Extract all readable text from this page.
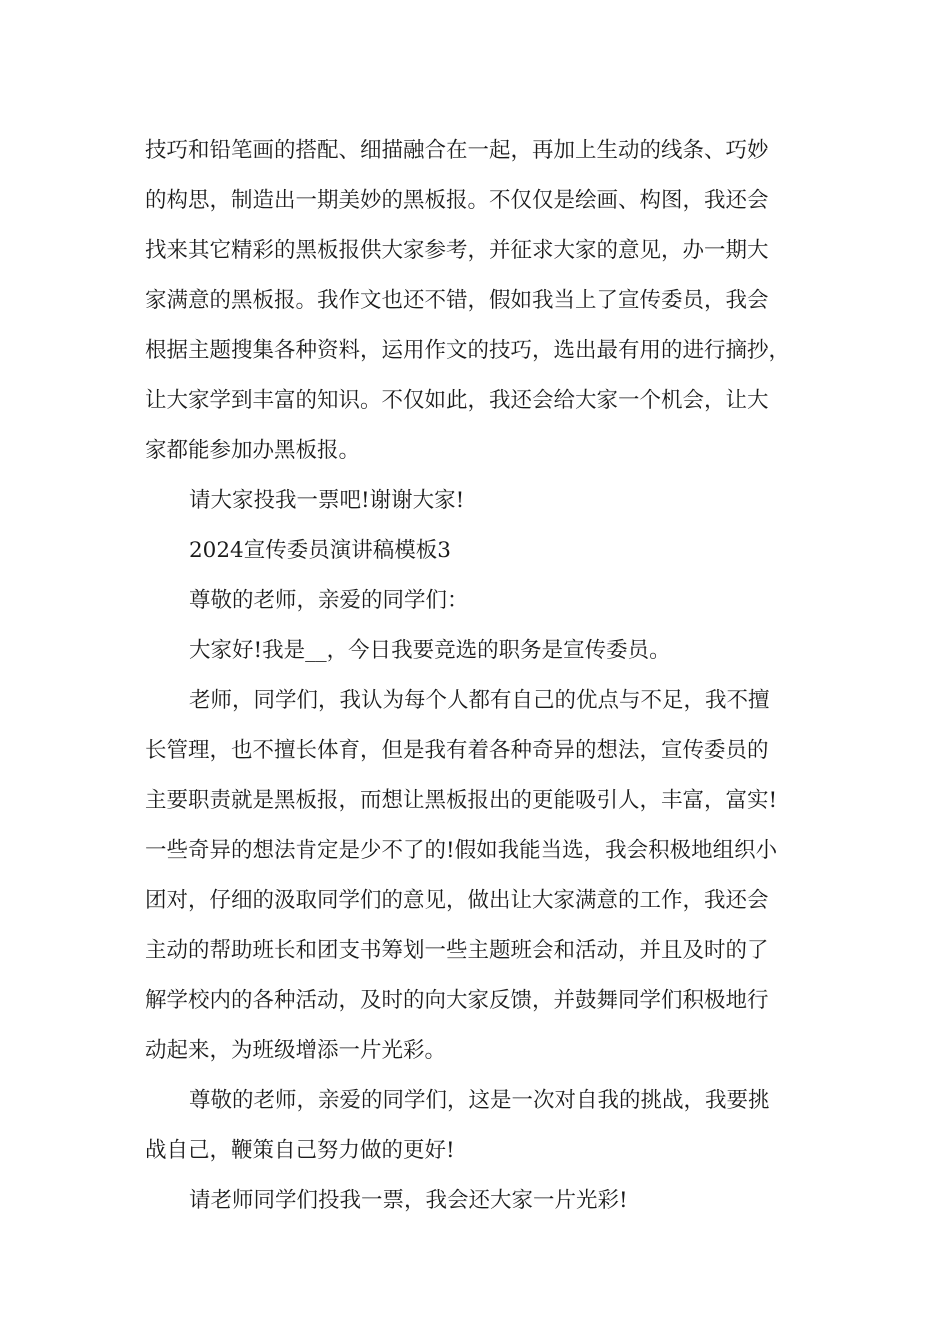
技巧和铅笔画的搭配、细描融合在一起，再加上生动的线条、巧妙
的构思，制造出一期美妙的黑板报。不仅仅是绘画、构图，我还会
找来其它精彩的黑板报供大家参考，并征求大家的意见，办一期大
家满意的黑板报。我作文也还不错，假如我当上了宣传委员，我会
根据主题搜集各种资料，运用作文的技巧，选出最有用的进行摘抄，
让大家学到丰富的知识。不仅如此，我还会给大家一个机会，让大
家都能参加办黑板报。
请大家投我一票吧!谢谢大家!
2024宣传委员演讲稿模板3
尊敬的老师，亲爱的同学们：
大家好!我是__，今日我要竞选的职务是宣传委员。
老师，同学们，我认为每个人都有自己的优点与不足，我不擅
长管理，也不擅长体育，但是我有着各种奇异的想法，宣传委员的
主要职责就是黑板报，而想让黑板报出的更能吸引人，丰富，富实!
一些奇异的想法肯定是少不了的!假如我能当选，我会积极地组织小
团对，仔细的汲取同学们的意见，做出让大家满意的工作，我还会
主动的帮助班长和团支书筹划一些主题班会和活动，并且及时的了
解学校内的各种活动，及时的向大家反馈，并鼓舞同学们积极地行
动起来，为班级增添一片光彩。
尊敬的老师，亲爱的同学们，这是一次对自我的挑战，我要挑
战自己，鞭策自己努力做的更好!
请老师同学们投我一票，我会还大家一片光彩!
